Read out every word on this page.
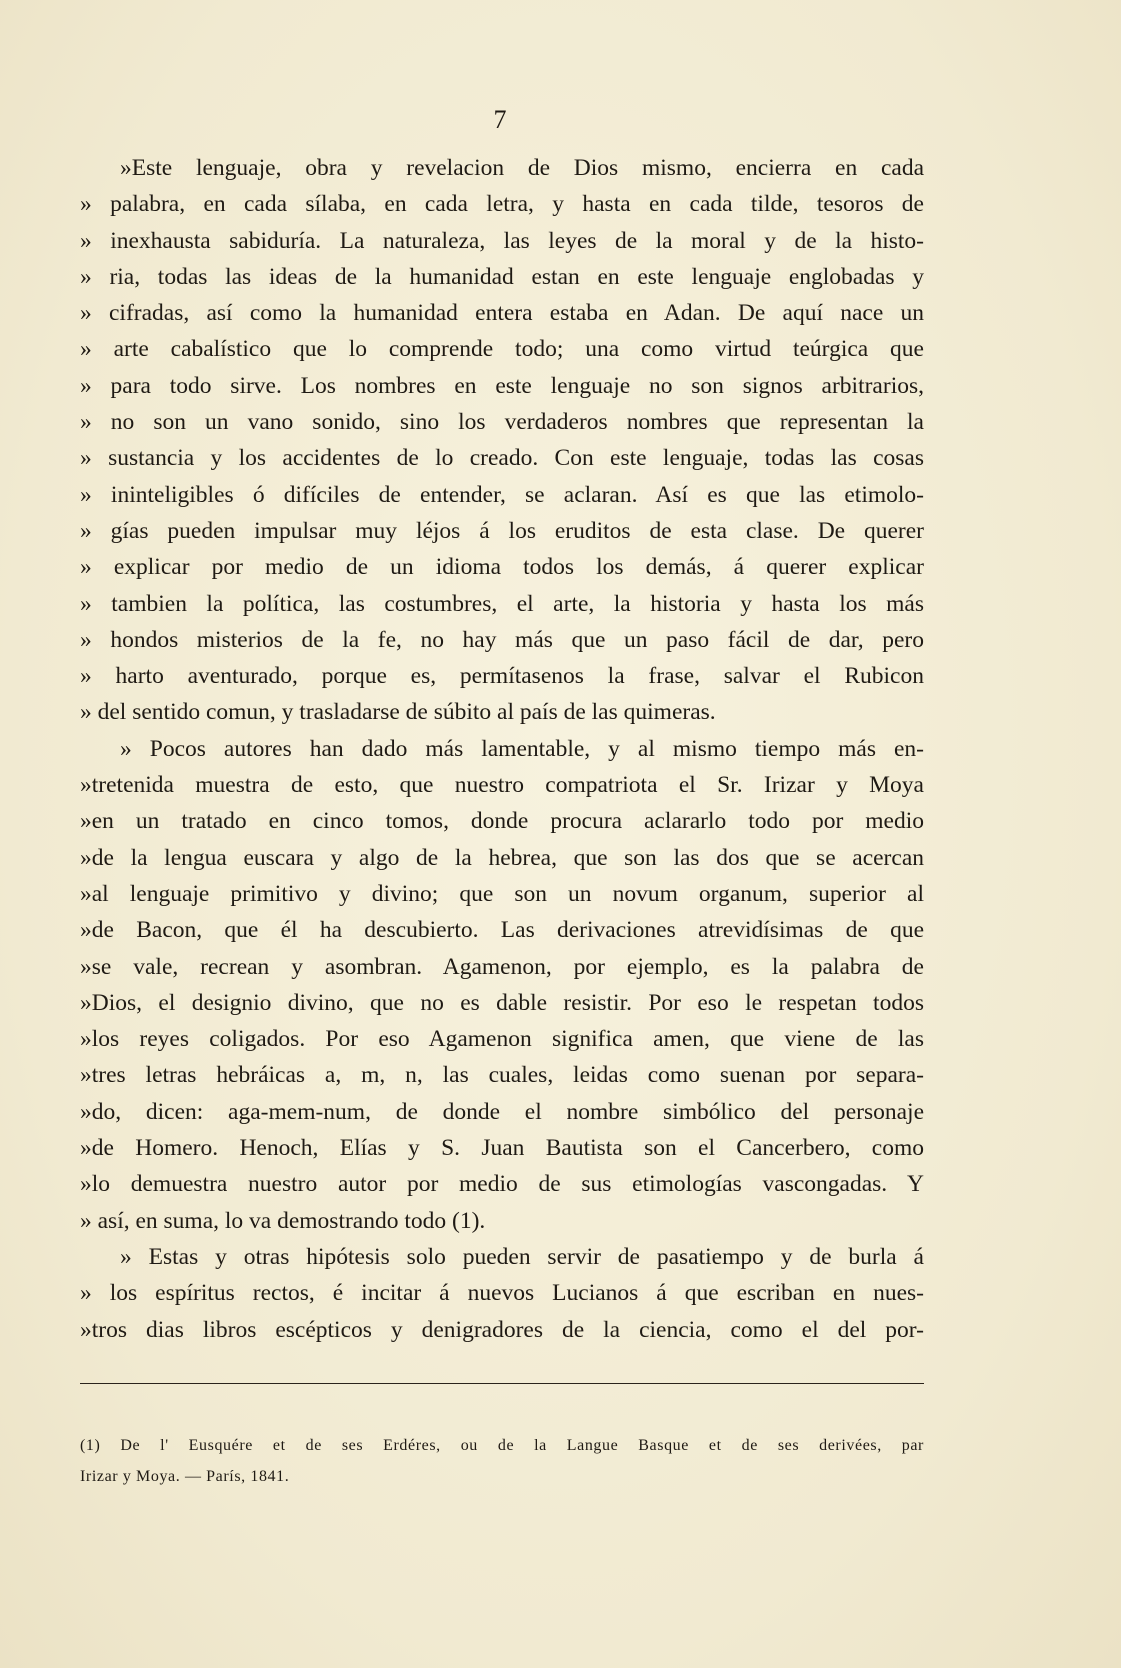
7
»Este lenguaje, obra y revelacion de Dios mismo, encierra en cada
» palabra, en cada sílaba, en cada letra, y hasta en cada tilde, tesoros de
» inexhausta sabiduría. La naturaleza, las leyes de la moral y de la histo-
» ria, todas las ideas de la humanidad estan en este lenguaje englobadas y
» cifradas, así como la humanidad entera estaba en Adan. De aquí nace un
» arte cabalístico que lo comprende todo; una como virtud teúrgica que
» para todo sirve. Los nombres en este lenguaje no son signos arbitrarios,
» no son un vano sonido, sino los verdaderos nombres que representan la
» sustancia y los accidentes de lo creado. Con este lenguaje, todas las cosas
» ininteligibles ó difíciles de entender, se aclaran. Así es que las etimolo-
» gías pueden impulsar muy léjos á los eruditos de esta clase. De querer
» explicar por medio de un idioma todos los demás, á querer explicar
» tambien la política, las costumbres, el arte, la historia y hasta los más
» hondos misterios de la fe, no hay más que un paso fácil de dar, pero
» harto aventurado, porque es, permítasenos la frase, salvar el Rubicon
» del sentido comun, y trasladarse de súbito al país de las quimeras.
» Pocos autores han dado más lamentable, y al mismo tiempo más en-
»tretenida muestra de esto, que nuestro compatriota el Sr. Irizar y Moya
»en un tratado en cinco tomos, donde procura aclararlo todo por medio
»de la lengua euscara y algo de la hebrea, que son las dos que se acercan
»al lenguaje primitivo y divino; que son un novum organum, superior al
»de Bacon, que él ha descubierto. Las derivaciones atrevidísimas de que
»se vale, recrean y asombran. Agamenon, por ejemplo, es la palabra de
»Dios, el designio divino, que no es dable resistir. Por eso le respetan todos
»los reyes coligados. Por eso Agamenon significa amen, que viene de las
»tres letras hebráicas a, m, n, las cuales, leidas como suenan por separa-
»do, dicen: aga-mem-num, de donde el nombre simbólico del personaje
»de Homero. Henoch, Elías y S. Juan Bautista son el Cancerbero, como
»lo demuestra nuestro autor por medio de sus etimologías vascongadas. Y
» así, en suma, lo va demostrando todo (1).
» Estas y otras hipótesis solo pueden servir de pasatiempo y de burla á
» los espíritus rectos, é incitar á nuevos Lucianos á que escriban en nues-
»tros dias libros escépticos y denigradores de la ciencia, como el del por-
(1) De l' Eusquére et de ses Erdéres, ou de la Langue Basque et de ses derivées, par
Irizar y Moya. — París, 1841.
